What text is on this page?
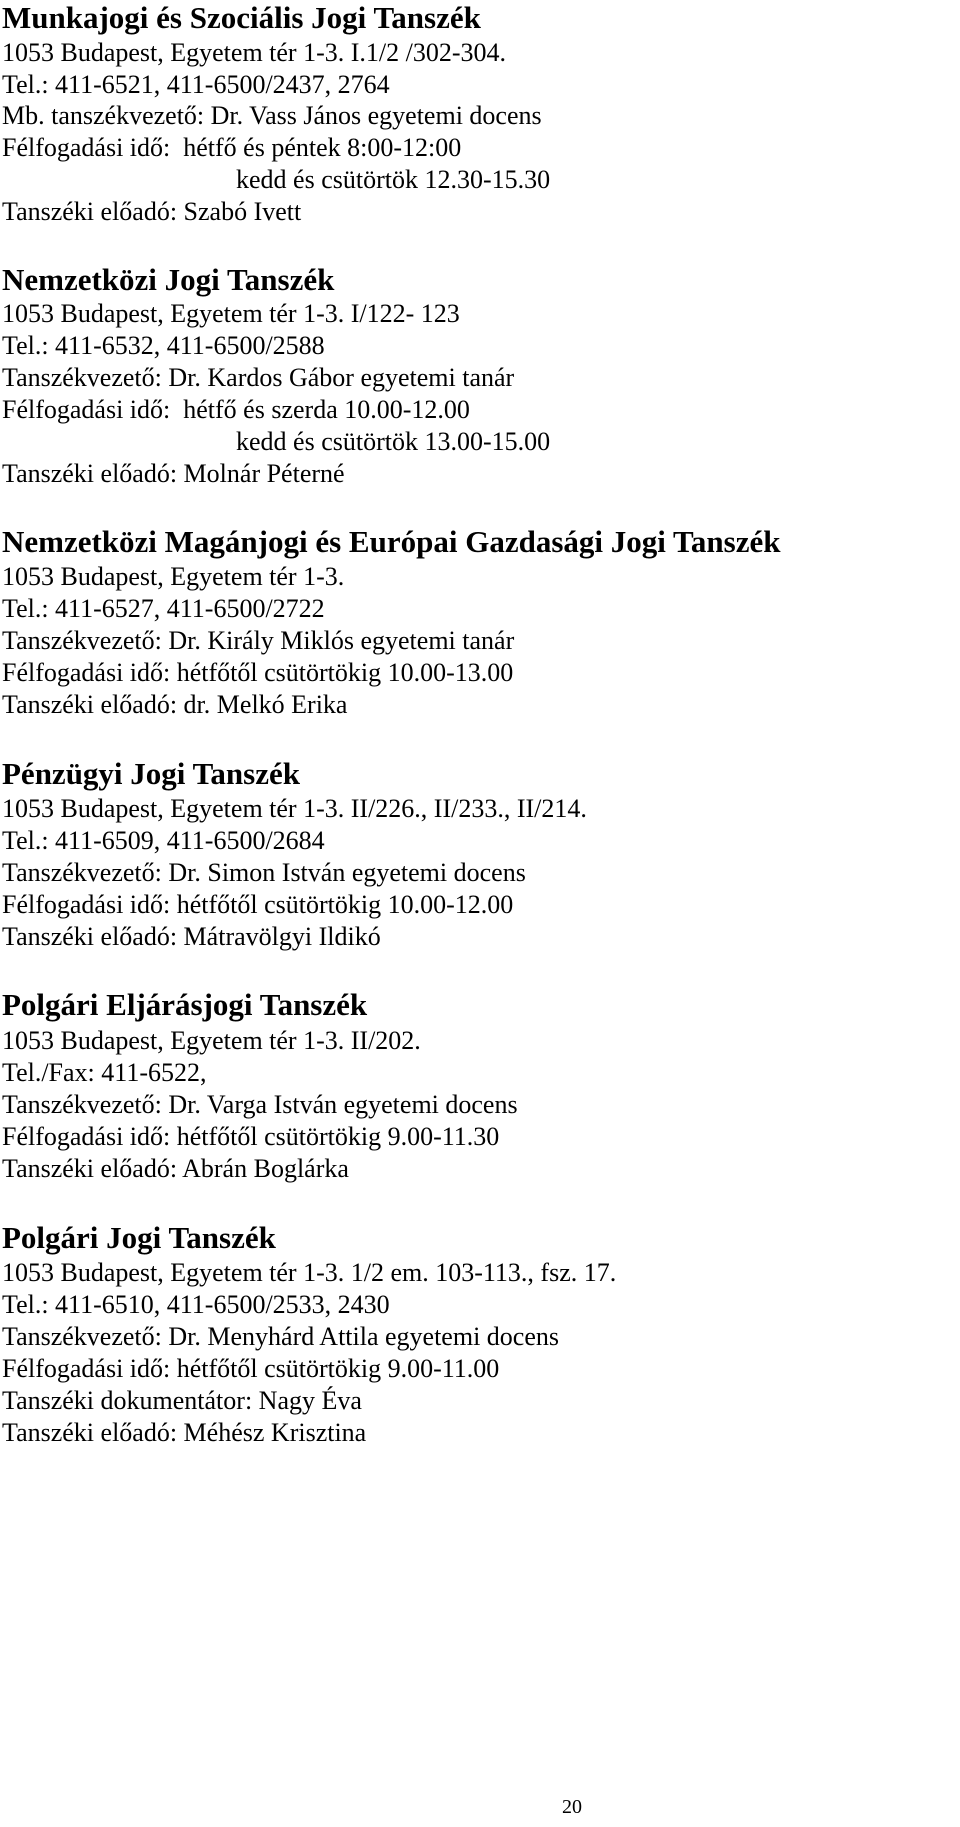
Munkajogi és Szociális Jogi Tanszék
1053 Budapest, Egyetem tér 1-3. I.1/2 /302-304.
Tel.: 411-6521, 411-6500/2437, 2764
Mb. tanszékvezető: Dr. Vass János egyetemi docens
Félfogadási idő:  hétfő és péntek 8:00-12:00
kedd és csütörtök 12.30-15.30
Tanszéki előadó: Szabó Ivett
Nemzetközi Jogi Tanszék
1053 Budapest, Egyetem tér 1-3. I/122- 123
Tel.: 411-6532, 411-6500/2588
Tanszékvezető: Dr. Kardos Gábor egyetemi tanár
Félfogadási idő:  hétfő és szerda 10.00-12.00
kedd és csütörtök 13.00-15.00
Tanszéki előadó: Molnár Péterné
Nemzetközi Magánjogi és Európai Gazdasági Jogi Tanszék
1053 Budapest, Egyetem tér 1-3.
Tel.: 411-6527, 411-6500/2722
Tanszékvezető: Dr. Király Miklós egyetemi tanár
Félfogadási idő: hétfőtől csütörtökig 10.00-13.00
Tanszéki előadó: dr. Melkó Erika
Pénzügyi Jogi Tanszék
1053 Budapest, Egyetem tér 1-3. II/226., II/233., II/214.
Tel.: 411-6509, 411-6500/2684
Tanszékvezető: Dr. Simon István egyetemi docens
Félfogadási idő: hétfőtől csütörtökig 10.00-12.00
Tanszéki előadó: Mátravölgyi Ildikó
Polgári Eljárásjogi Tanszék
1053 Budapest, Egyetem tér 1-3. II/202.
Tel./Fax: 411-6522,
Tanszékvezető: Dr. Varga István egyetemi docens
Félfogadási idő: hétfőtől csütörtökig 9.00-11.30
Tanszéki előadó: Abrán Boglárka
Polgári Jogi Tanszék
1053 Budapest, Egyetem tér 1-3. 1/2 em. 103-113., fsz. 17.
Tel.: 411-6510, 411-6500/2533, 2430
Tanszékvezető: Dr. Menyhárd Attila egyetemi docens
Félfogadási idő: hétfőtől csütörtökig 9.00-11.00
Tanszéki dokumentátor: Nagy Éva
Tanszéki előadó: Méhész Krisztina
20
